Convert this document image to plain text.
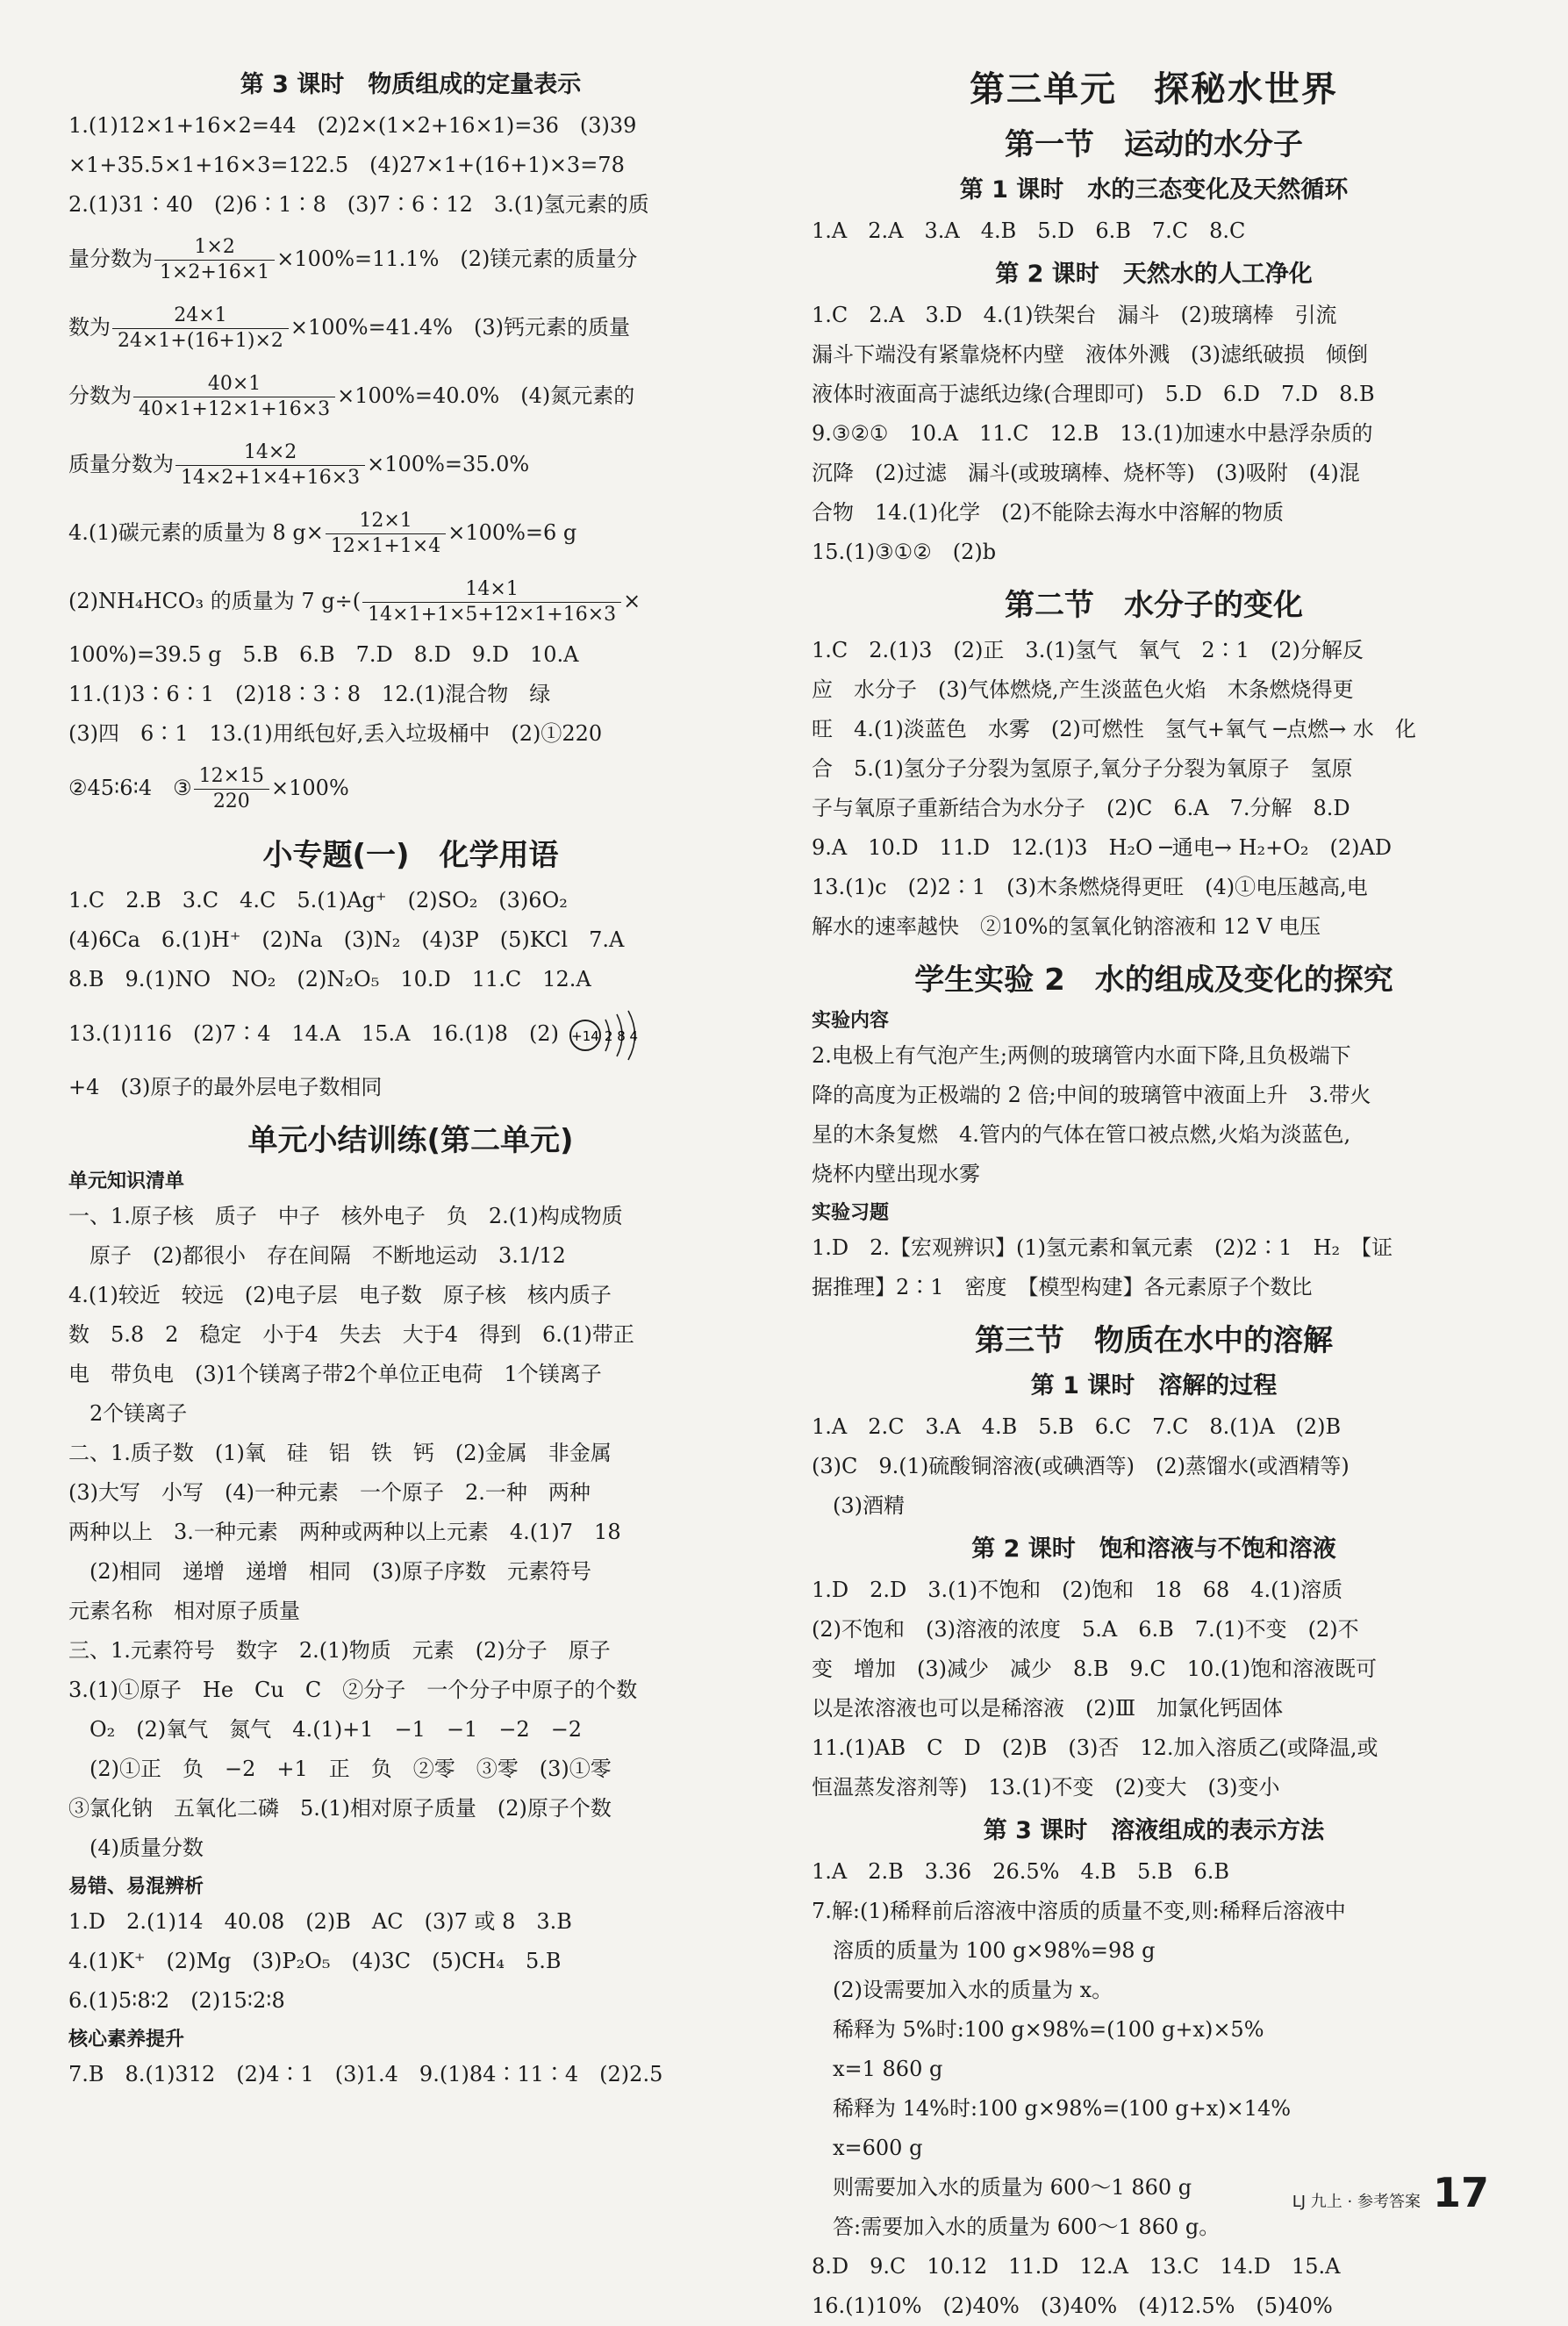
第 3 课时　物质组成的定量表示
1.(1)12×1+16×2=44　(2)2×(1×2+16×1)=36　(3)39
×1+35.5×1+16×3=122.5　(4)27×1+(16+1)×3=78
2.(1)31∶40　(2)6∶1∶8　(3)7∶6∶12　3.(1)氢元素的质
量分数为 $\frac{1\times 2}{1\times 2+16\times 1} \times 100\%=11.1\%$　(2)镁元素的质量分
数为 $\frac{24\times 1}{24\times 1+(16+1)\times 2} \times 100\%=41.4\%$　(3)钙元素的质量
分数为 $\frac{40\times 1}{40\times 1+12\times 1+16\times 3} \times 100\%=40.0\%$　(4)氮元素的
质量分数为 $\frac{14\times 2}{14\times 2+1\times 4+16\times 3} \times 100\%=35.0\%$
4.(1)碳元素的质量为 8 $g\times \frac{12\times 1}{12\times 1+1\times 4} \times 100\%=6$ g
(2)NH₄HCO₃ 的质量为 7 $g\div( \frac{14\times 1}{14\times 1+1\times 5+12\times 1+16\times 3}$ ×
100%)=39.5 g　5.B　6.B　7.D　8.D　9.D　10.A
11.(1)3∶6∶1　(2)18∶3∶8　12.(1)混合物　绿
(3)四　6∶1　13.(1)用纸包好,丢入垃圾桶中　(2)①220
②45∶6∶4　③ $\frac{12\times 15}{220} \times 100\%$
小专题(一)　化学用语
1.C　2.B　3.C　4.C　5.(1)Ag⁺　(2)SO₂　(3)6O₂
(4)6Ca　6.(1)H⁺　(2)Na　(3)N₂　(4)3P　(5)KCl　7.A
8.B　9.(1)NO　NO₂　(2)N₂O₅　10.D　11.C　12.A
13.(1)116　(2)7∶4　14.A　15.A　16.(1)8　(2) +14 2 8 4
+4　(3)原子的最外层电子数相同
单元小结训练(第二单元)
单元知识清单
一、1.原子核　质子　中子　核外电子　负　2.(1)构成物质
　原子　(2)都很小　存在间隔　不断地运动　3.1/12
4.(1)较近　较远　(2)电子层　电子数　原子核　核内质子
数　5.8　2　稳定　小于4　失去　大于4　得到　6.(1)带正
电　带负电　(3)1个镁离子带2个单位正电荷　1个镁离子
　2个镁离子
二、1.质子数　(1)氧　硅　铝　铁　钙　(2)金属　非金属
(3)大写　小写　(4)一种元素　一个原子　2.一种　两种
两种以上　3.一种元素　两种或两种以上元素　4.(1)7　18
　(2)相同　递增　递增　相同　(3)原子序数　元素符号
元素名称　相对原子质量
三、1.元素符号　数字　2.(1)物质　元素　(2)分子　原子
3.(1)①原子　He　Cu　C　②分子　一个分子中原子的个数
　O₂　(2)氧气　氮气　4.(1)+1　−1　−1　−2　−2
　(2)①正　负　−2　+1　正　负　②零　③零　(3)①零
③氯化钠　五氧化二磷　5.(1)相对原子质量　(2)原子个数
　(4)质量分数
易错、易混辨析
1.D　2.(1)14　40.08　(2)B　AC　(3)7 或 8　3.B
4.(1)K⁺　(2)Mg　(3)P₂O₅　(4)3C　(5)CH₄　5.B
6.(1)5∶8∶2　(2)15∶2∶8
核心素养提升
7.B　8.(1)312　(2)4∶1　(3)1.4　9.(1)84∶11∶4　(2)2.5
第三单元　探秘水世界
第一节　运动的水分子
第 1 课时　水的三态变化及天然循环
1.A　2.A　3.A　4.B　5.D　6.B　7.C　8.C
第 2 课时　天然水的人工净化
1.C　2.A　3.D　4.(1)铁架台　漏斗　(2)玻璃棒　引流
漏斗下端没有紧靠烧杯内壁　液体外溅　(3)滤纸破损　倾倒
液体时液面高于滤纸边缘(合理即可)　5.D　6.D　7.D　8.B
9.③②①　10.A　11.C　12.B　13.(1)加速水中悬浮杂质的
沉降　(2)过滤　漏斗(或玻璃棒、烧杯等)　(3)吸附　(4)混
合物　14.(1)化学　(2)不能除去海水中溶解的物质
15.(1)③①②　(2)b
第二节　水分子的变化
1.C　2.(1)3　(2)正　3.(1)氢气　氧气　2∶1　(2)分解反
应　水分子　(3)气体燃烧,产生淡蓝色火焰　木条燃烧得更
旺　4.(1)淡蓝色　水雾　(2)可燃性　氢气+氧气 ─点燃→ 水　化
合　5.(1)氢分子分裂为氢原子,氧分子分裂为氧原子　氢原
子与氧原子重新结合为水分子　(2)C　6.A　7.分解　8.D
9.A　10.D　11.D　12.(1)3　H₂O ─通电→ H₂+O₂　(2)AD
13.(1)c　(2)2∶1　(3)木条燃烧得更旺　(4)①电压越高,电
解水的速率越快　②10%的氢氧化钠溶液和 12 V 电压
学生实验 2　水的组成及变化的探究
实验内容
2.电极上有气泡产生;两侧的玻璃管内水面下降,且负极端下
降的高度为正极端的 2 倍;中间的玻璃管中液面上升　3.带火
星的木条复燃　4.管内的气体在管口被点燃,火焰为淡蓝色,
烧杯内壁出现水雾
实验习题
1.D　2.【宏观辨识】(1)氢元素和氧元素　(2)2∶1　H₂　【证
据推理】2∶1　密度　【模型构建】各元素原子个数比
第三节　物质在水中的溶解
第 1 课时　溶解的过程
1.A　2.C　3.A　4.B　5.B　6.C　7.C　8.(1)A　(2)B
(3)C　9.(1)硫酸铜溶液(或碘酒等)　(2)蒸馏水(或酒精等)
　(3)酒精
第 2 课时　饱和溶液与不饱和溶液
1.D　2.D　3.(1)不饱和　(2)饱和　18　68　4.(1)溶质
(2)不饱和　(3)溶液的浓度　5.A　6.B　7.(1)不变　(2)不
变　增加　(3)减少　减少　8.B　9.C　10.(1)饱和溶液既可
以是浓溶液也可以是稀溶液　(2)Ⅲ　加氯化钙固体
11.(1)AB　C　D　(2)B　(3)否　12.加入溶质乙(或降温,或
恒温蒸发溶剂等)　13.(1)不变　(2)变大　(3)变小
第 3 课时　溶液组成的表示方法
1.A　2.B　3.36　26.5%　4.B　5.B　6.B
7.解:(1)稀释前后溶液中溶质的质量不变,则:稀释后溶液中
　溶质的质量为 100 g×98%=98 g
　(2)设需要加入水的质量为 x。
　稀释为 5%时:100 g×98%=(100 g+x)×5%
　x=1 860 g
　稀释为 14%时:100 g×98%=(100 g+x)×14%
　x=600 g
　则需要加入水的质量为 600～1 860 g
　答:需要加入水的质量为 600～1 860 g。
8.D　9.C　10.12　11.D　12.A　13.C　14.D　15.A
16.(1)10%　(2)40%　(3)40%　(4)12.5%　(5)40%
LJ 九上 · 参考答案 17
